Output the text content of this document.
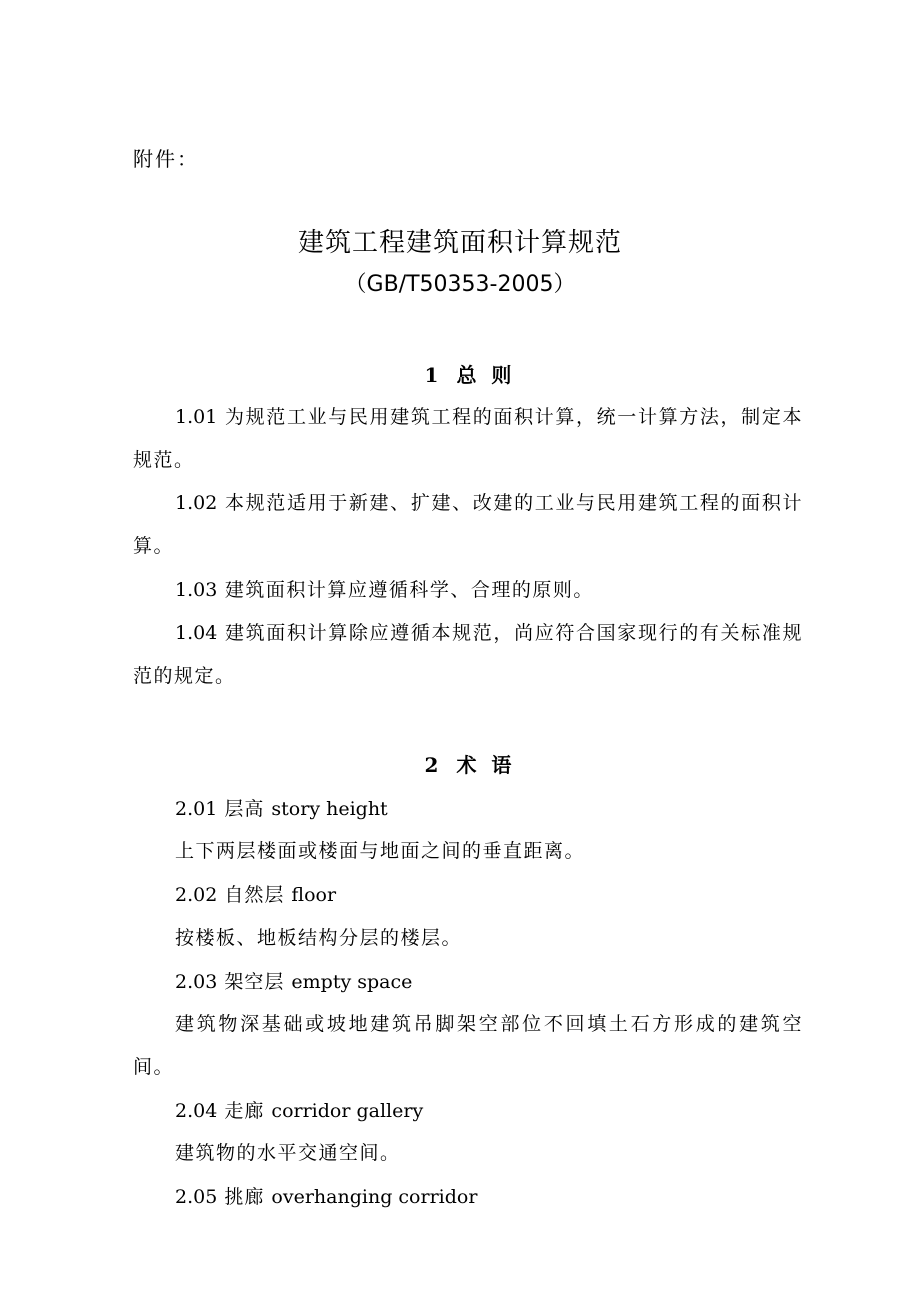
附件：
建筑工程建筑面积计算规范
（GB/T50353-2005）
1 总 则

1.01 为规范工业与民用建筑工程的面积计算，统一计算方法，制定本规范。

1.02 本规范适用于新建、扩建、改建的工业与民用建筑工程的面积计算。

1.03 建筑面积计算应遵循科学、合理的原则。

1.04 建筑面积计算除应遵循本规范，尚应符合国家现行的有关标准规范的规定。

2 术 语

2.01 层高 story height

上下两层楼面或楼面与地面之间的垂直距离。

2.02 自然层 floor

按楼板、地板结构分层的楼层。

2.03 架空层 empty space

建筑物深基础或坡地建筑吊脚架空部位不回填土石方形成的建筑空间。

2.04 走廊 corridor gallery

建筑物的水平交通空间。

2.05 挑廊 overhanging corridor
